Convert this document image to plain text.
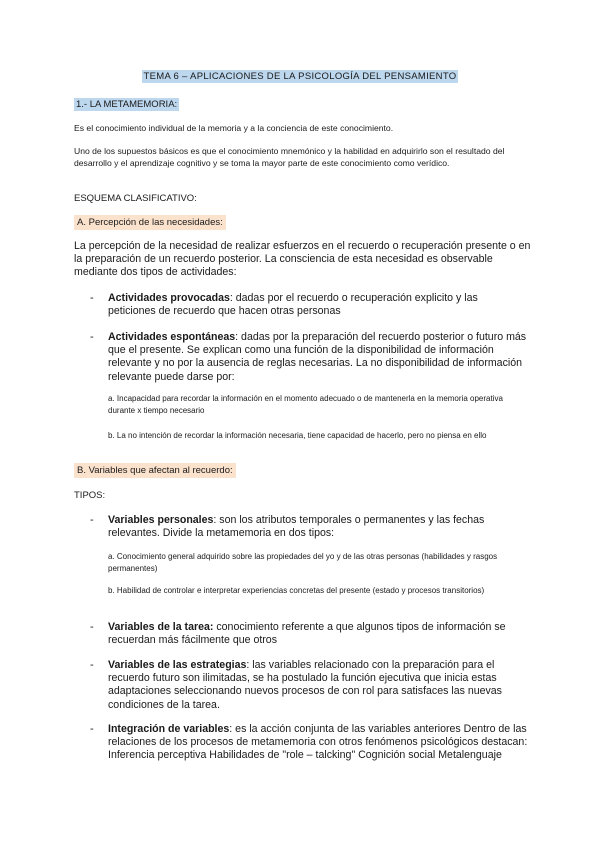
TEMA 6 – APLICACIONES DE LA PSICOLOGÍA DEL PENSAMIENTO
1.- LA METAMEMORIA:
Es el conocimiento individual de la memoria y a la conciencia de este conocimiento.
Uno de los supuestos básicos es que el conocimiento mnemónico y la habilidad en adquirirlo son el resultado del desarrollo y el aprendizaje cognitivo y se toma la mayor parte de este conocimiento como verídico.
ESQUEMA CLASIFICATIVO:
A. Percepción de las necesidades:
La percepción de la necesidad de realizar esfuerzos en el recuerdo o recuperación presente o en la preparación de un recuerdo posterior. La consciencia de esta necesidad es observable mediante dos tipos de actividades:
- Actividades provocadas: dadas por el recuerdo o recuperación explicito y las peticiones de recuerdo que hacen otras personas
- Actividades espontáneas: dadas por la preparación del recuerdo posterior o futuro más que el presente. Se explican como una función de la disponibilidad de información relevante y no por la ausencia de reglas necesarias. La no disponibilidad de información relevante puede darse por:
a. Incapacidad para recordar la información en el momento adecuado o de mantenerla en la memoria operativa durante x tiempo necesario
b. La no intención de recordar la información necesaria, tiene capacidad de hacerlo, pero no piensa en ello
B. Variables que afectan al recuerdo:
TIPOS:
- Variables personales: son los atributos temporales o permanentes y las fechas relevantes. Divide la metamemoria en dos tipos:
a. Conocimiento general adquirido sobre las propiedades del yo y de las otras personas (habilidades y rasgos permanentes)
b. Habilidad de controlar e interpretar experiencias concretas del presente (estado y procesos transitorios)
- Variables de la tarea: conocimiento referente a que algunos tipos de información se recuerdan más fácilmente que otros
- Variables de las estrategias: las variables relacionado con la preparación para el recuerdo futuro son ilimitadas, se ha postulado la función ejecutiva que inicia estas adaptaciones seleccionando nuevos procesos de con rol para satisfaces las nuevas condiciones de la tarea.
- Integración de variables: es la acción conjunta de las variables anteriores Dentro de las relaciones de los procesos de metamemoria con otros fenómenos psicológicos destacan: Inferencia perceptiva Habilidades de "role – talcking" Cognición social Metalenguaje
